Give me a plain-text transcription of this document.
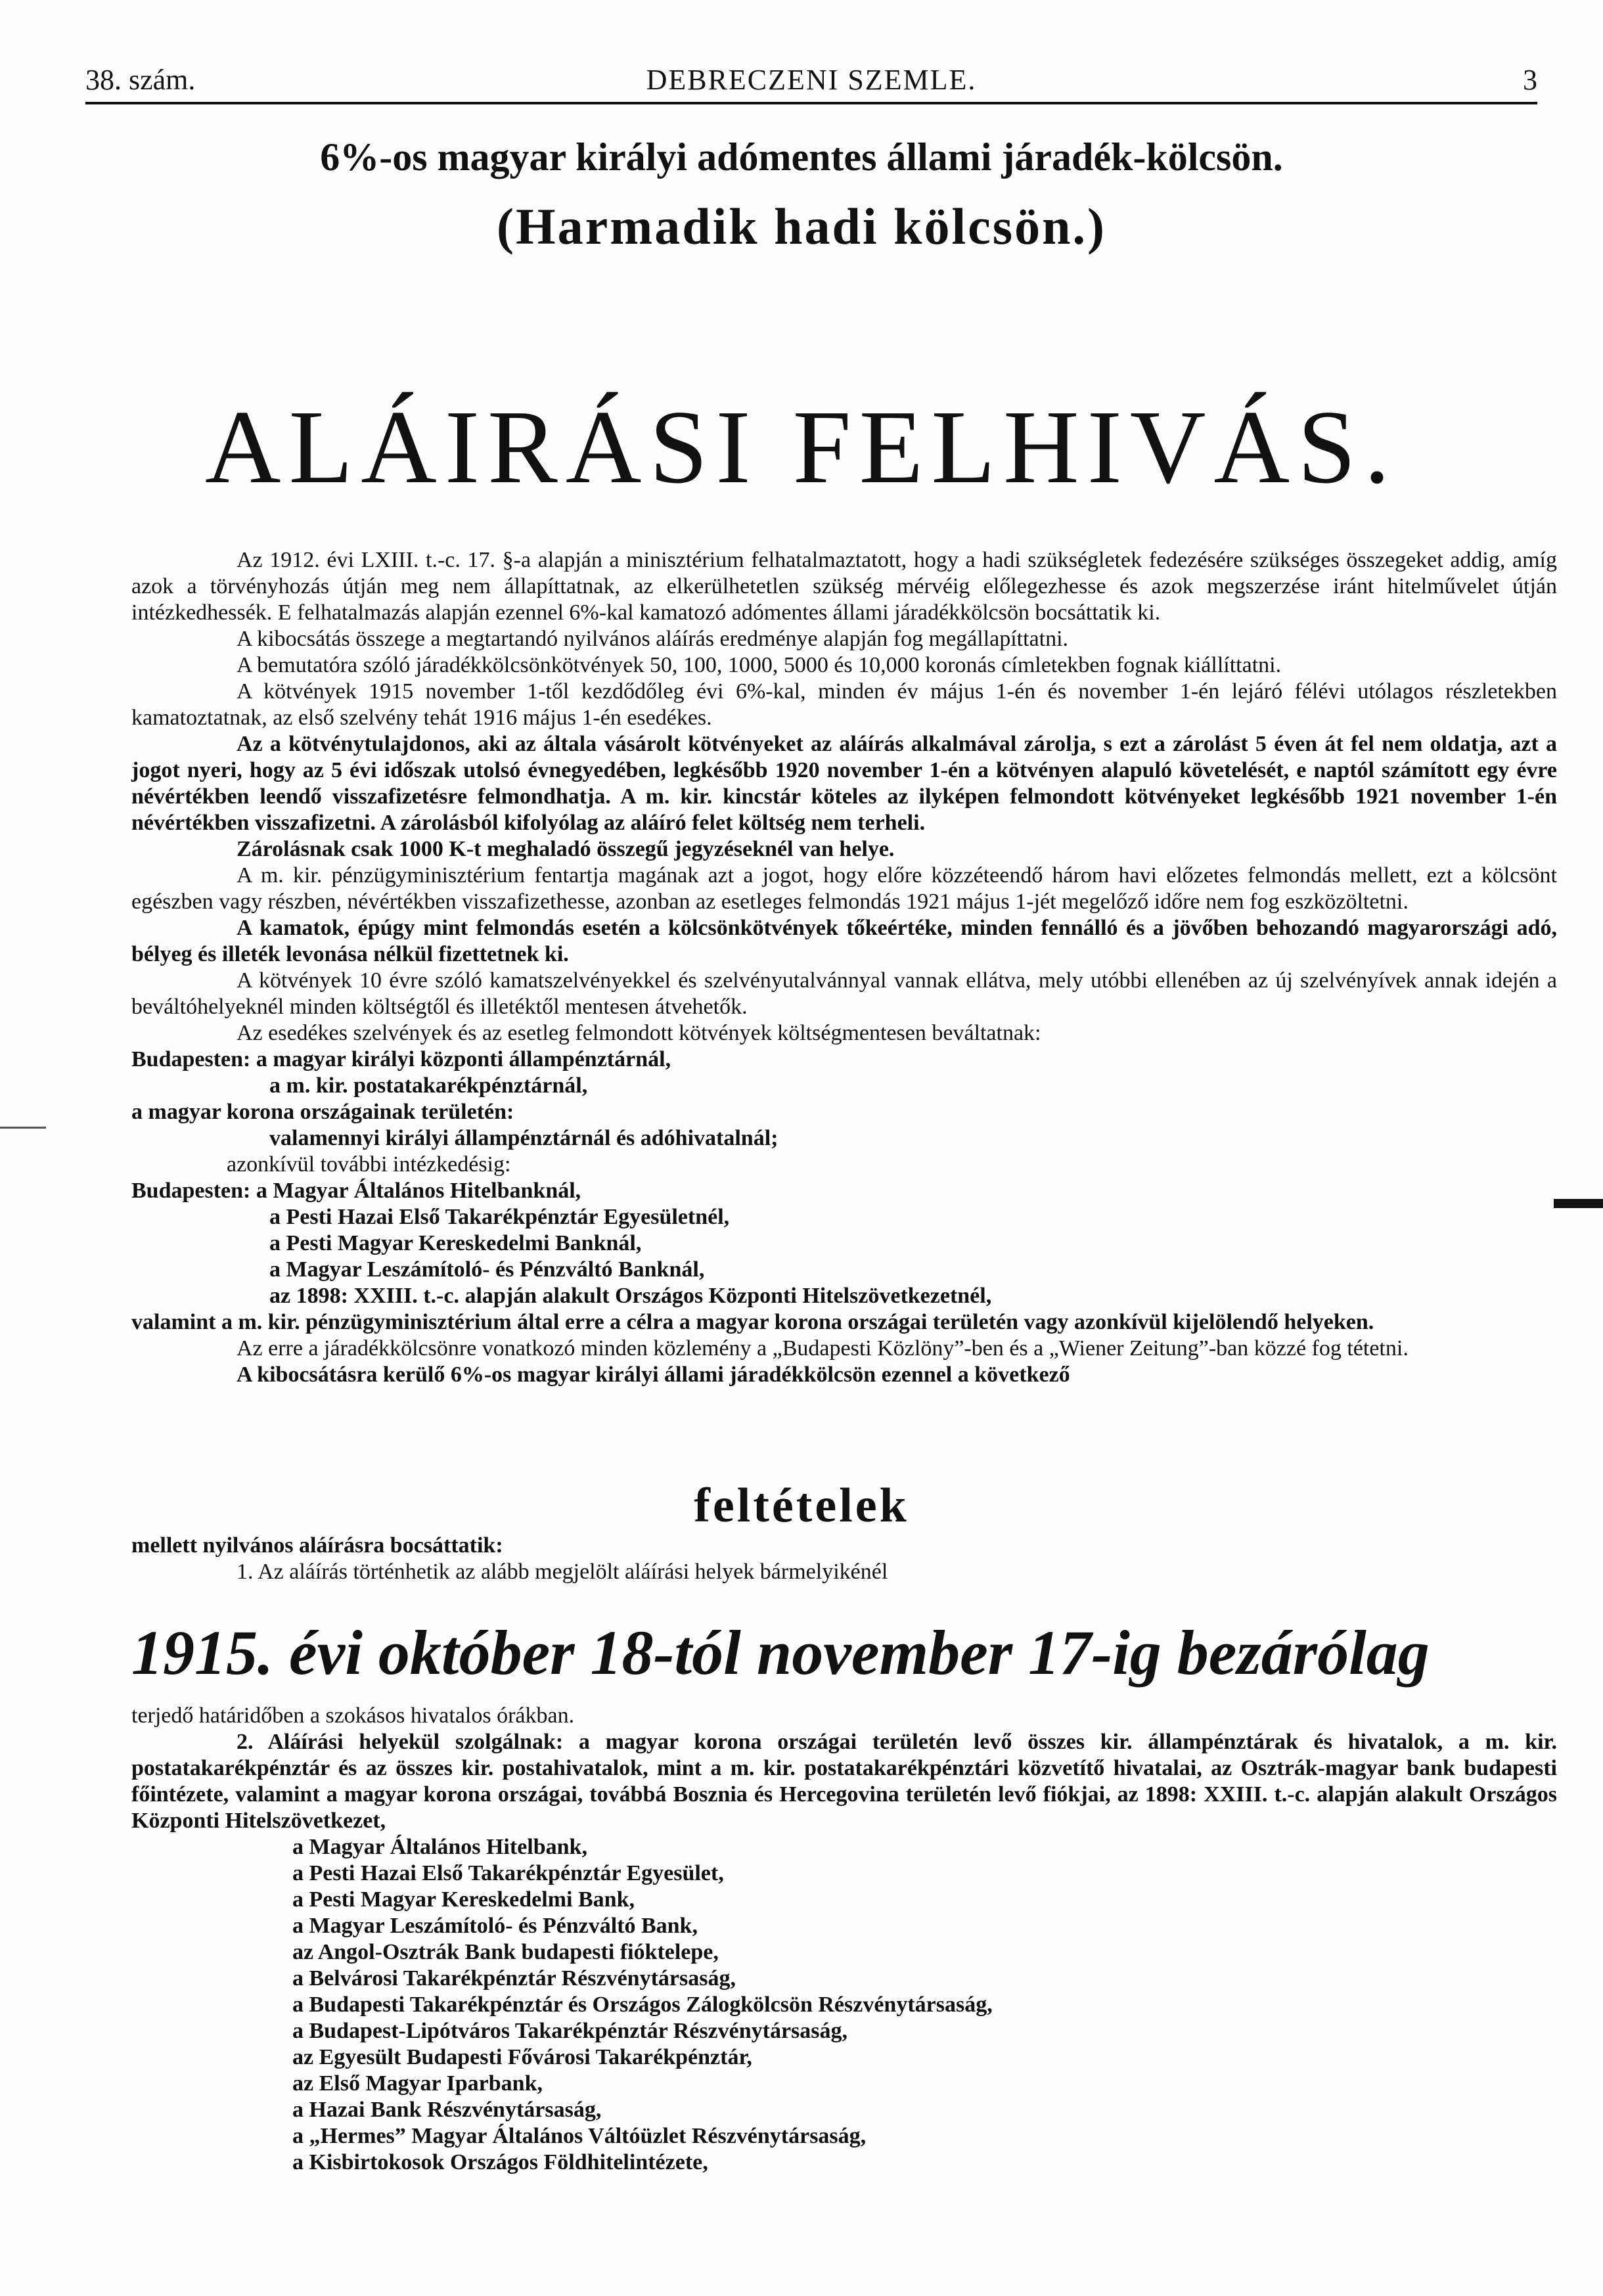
38. szám.	DEBRECZENI SZEMLE.	3
6%-os magyar királyi adómentes állami járadék-kölcsön.
(Harmadik hadi kölcsön.)
ALÁIRÁSI FELHIVÁS.

Az 1912. évi LXIII. t.-c. 17. §-a alapján a minisztérium felhatalmaztatott, hogy a hadi szükségletek fedezésére szükséges összegeket addig, amíg azok a törvényhozás útján meg nem állapíttatnak, az elkerülhetetlen szükség mérvéig előlegezhesse és azok megszerzése iránt hitelművelet útján intézkedhessék. E felhatalmazás alapján ezennel 6%-kal kamatozó adómentes állami járadékkölcsön bocsáttatik ki.

A kibocsátás összege a megtartandó nyilvános aláírás eredménye alapján fog megállapíttatni.

A bemutatóra szóló járadékkölcsönkötvények 50, 100, 1000, 5000 és 10,000 koronás címletekben fognak kiállíttatni.

A kötvények 1915 november 1-től kezdődőleg évi 6%-kal, minden év május 1-én és november 1-én lejáró félévi utólagos részletekben kamatoztatnak, az első szelvény tehát 1916 május 1-én esedékes.

Az a kötvénytulajdonos, aki az általa vásárolt kötvényeket az aláírás alkalmával zárolja, s ezt a zárolást 5 éven át fel nem oldatja, azt a jogot nyeri, hogy az 5 évi időszak utolsó évnegyedében, legkésőbb 1920 november 1-én a kötvényen alapuló követelését, e naptól számított egy évre névértékben leendő visszafizetésre felmondhatja. A m. kir. kincstár köteles az ilyképen felmondott kötvényeket legkésőbb 1921 november 1-én névértékben visszafizetni. A zárolásból kifolyólag az aláíró felet költség nem terheli.

Zárolásnak csak 1000 K-t meghaladó összegű jegyzéseknél van helye.

A m. kir. pénzügyminisztérium fentartja magának azt a jogot, hogy előre közzéteendő három havi előzetes felmondás mellett, ezt a kölcsönt egészben vagy részben, névértékben visszafizethesse, azonban az esetleges felmondás 1921 május 1-jét megelőző időre nem fog eszközöltetni.

A kamatok, épúgy mint felmondás esetén a kölcsönkötvények tőkeértéke, minden fennálló és a jövőben behozandó magyarországi adó, bélyeg és illeték levonása nélkül fizettetnek ki.

A kötvények 10 évre szóló kamatszelvényekkel és szelvényutalvánnyal vannak ellátva, mely utóbbi ellenében az új szelvényívek annak idején a beváltóhelyeknél minden költségtől és illetéktől mentesen átvehetők.

Az esedékes szelvények és az esetleg felmondott kötvények költségmentesen beváltatnak:

Budapesten: a magyar királyi központi állampénztárnál,

a m. kir. postatakarékpénztárnál,

a magyar korona országainak területén:

valamennyi királyi állampénztárnál és adóhivatalnál;

azonkívül további intézkedésig:

Budapesten: a Magyar Általános Hitelbanknál,

a Pesti Hazai Első Takarékpénztár Egyesületnél,

a Pesti Magyar Kereskedelmi Banknál,

a Magyar Leszámítoló- és Pénzváltó Banknál,

az 1898: XXIII. t.-c. alapján alakult Országos Központi Hitelszövetkezetnél,

valamint a m. kir. pénzügyminisztérium által erre a célra a magyar korona országai területén vagy azonkívül kijelölendő helyeken.

Az erre a járadékkölcsönre vonatkozó minden közlemény a „Budapesti Közlöny”-ben és a „Wiener Zeitung”-ban közzé fog tétetni.

A kibocsátásra kerülő 6%-os magyar királyi állami járadékkölcsön ezennel a következő

feltételek

mellett nyilvános aláírásra bocsáttatik:

1. Az aláírás történhetik az alább megjelölt aláírási helyek bármelyikénél

1915. évi október 18-tól november 17-ig bezárólag

terjedő határidőben a szokásos hivatalos órákban.

2. Aláírási helyekül szolgálnak: a magyar korona országai területén levő összes kir. állampénztárak és hivatalok, a m. kir. postatakarékpénztár és az összes kir. postahivatalok, mint a m. kir. postatakarékpénztári közvetítő hivatalai, az Osztrák-magyar bank budapesti főintézete, valamint a magyar korona országai, továbbá Bosznia és Hercegovina területén levő fiókjai, az 1898: XXIII. t.-c. alapján alakult Országos Központi Hitelszövetkezet,

a Magyar Általános Hitelbank,

a Pesti Hazai Első Takarékpénztár Egyesület,

a Pesti Magyar Kereskedelmi Bank,

a Magyar Leszámítoló- és Pénzváltó Bank,

az Angol-Osztrák Bank budapesti fióktelepe,

a Belvárosi Takarékpénztár Részvénytársaság,

a Budapesti Takarékpénztár és Országos Zálogkölcsön Részvénytársaság,

a Budapest-Lipótváros Takarékpénztár Részvénytársaság,

az Egyesült Budapesti Fővárosi Takarékpénztár,

az Első Magyar Iparbank,

a Hazai Bank Részvénytársaság,

a „Hermes” Magyar Általános Váltóüzlet Részvénytársaság,

a Kisbirtokosok Országos Földhitelintézete,
